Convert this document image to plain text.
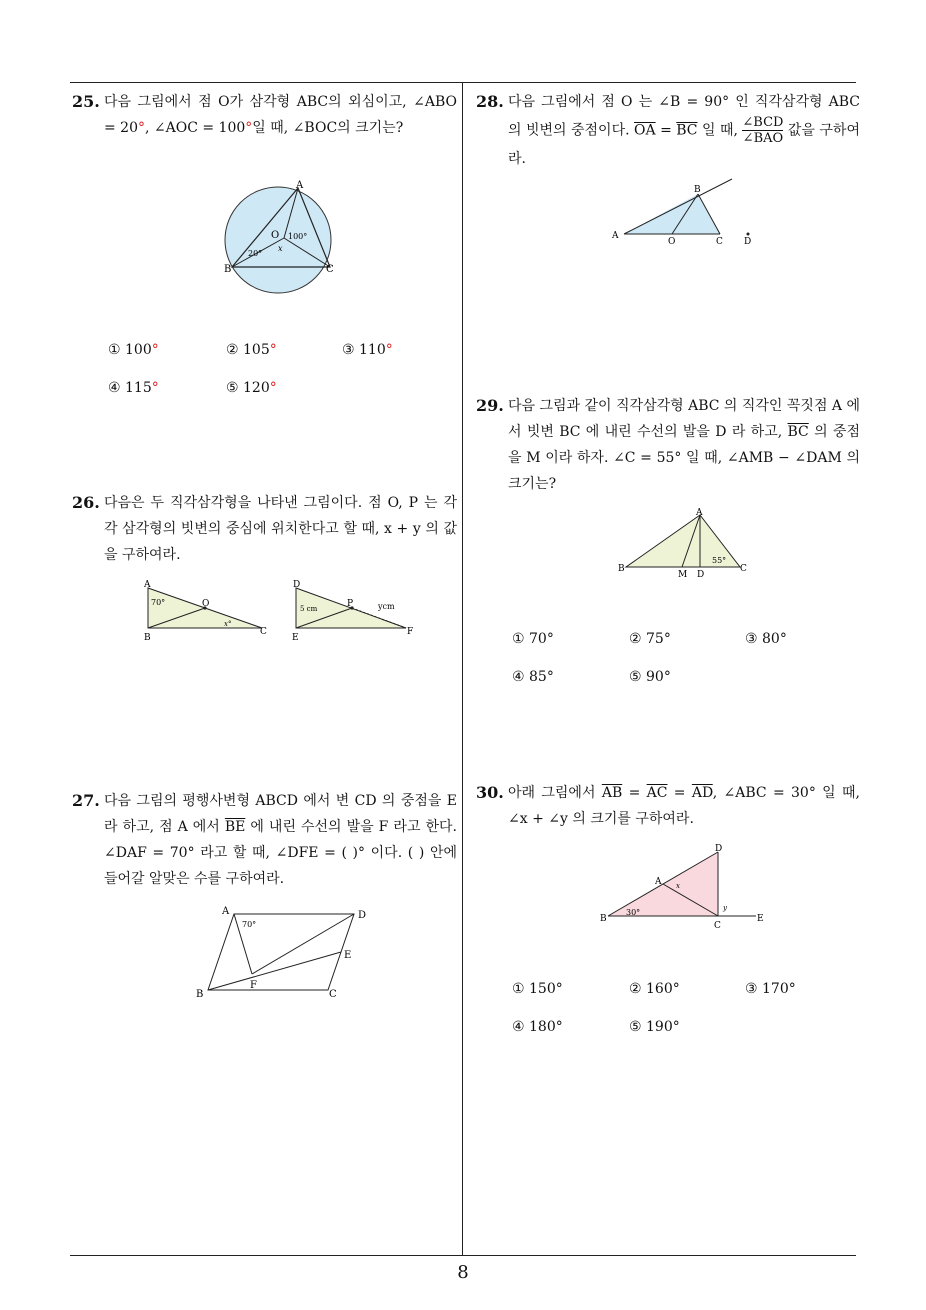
25. 다음 그림에서 점 O가 삼각형 ABC의 외심이고, ∠ABO = 20°, ∠AOC = 100°일 때, ∠BOC의 크기는?
A
B	C
O 100°
20°
x
① 100°	② 105°	③ 110°
④ 115°	⑤ 120°
26. 다음은 두 직각삼각형을 나타낸 그림이다. 점 O, P 는 각각 삼각형의 빗변의 중심에 위치한다고 할 때, x + y 의 값을 구하여라.
A
B
C
O
70°
x°
D
E
F
P
5 cm	ycm
27. 다음 그림의 평행사변형 ABCD 에서 변 CD 의 중점을 E 라 하고, 점 A 에서 $\overline{BE}$ 에 내린 수선의 발을 F 라고 한다. ∠DAF = 70° 라고 할 때, ∠DFE = ( )° 이다. ( ) 안에 들어갈 알맞은 수를 구하여라.
A
B	C
D
E
F
70°
28. 다음 그림에서 점 O 는 ∠B = 90° 인 직각삼각형 ABC 의 빗변의 중점이다. $\overline{OA} = \overline{BC}$ 일 때, $\frac{\text{∠BCD}}{\text{∠BAO}}$ 값을 구하여라.
A
B
O	C D
29. 다음 그림과 같이 직각삼각형 ABC 의 직각인 꼭짓점 A 에서 빗변 BC 에 내린 수선의 발을 D 라 하고, $\overline{BC}$ 의 중점을 M 이라 하자. ∠C = 55° 일 때, ∠AMB − ∠DAM 의 크기는?
A
B	C
M D
55°
① 70°	② 75°	③ 80°
④ 85°	⑤ 90°
30. 아래 그림에서 $\overline{AB} = \overline{AC} = \overline{AD}$, ∠ABC = 30° 일 때, ∠x + ∠y 의 크기를 구하여라.
A
B
C
D
E
30°
x
y
① 150°	② 160°	③ 170°
④ 180°	⑤ 190°
8
